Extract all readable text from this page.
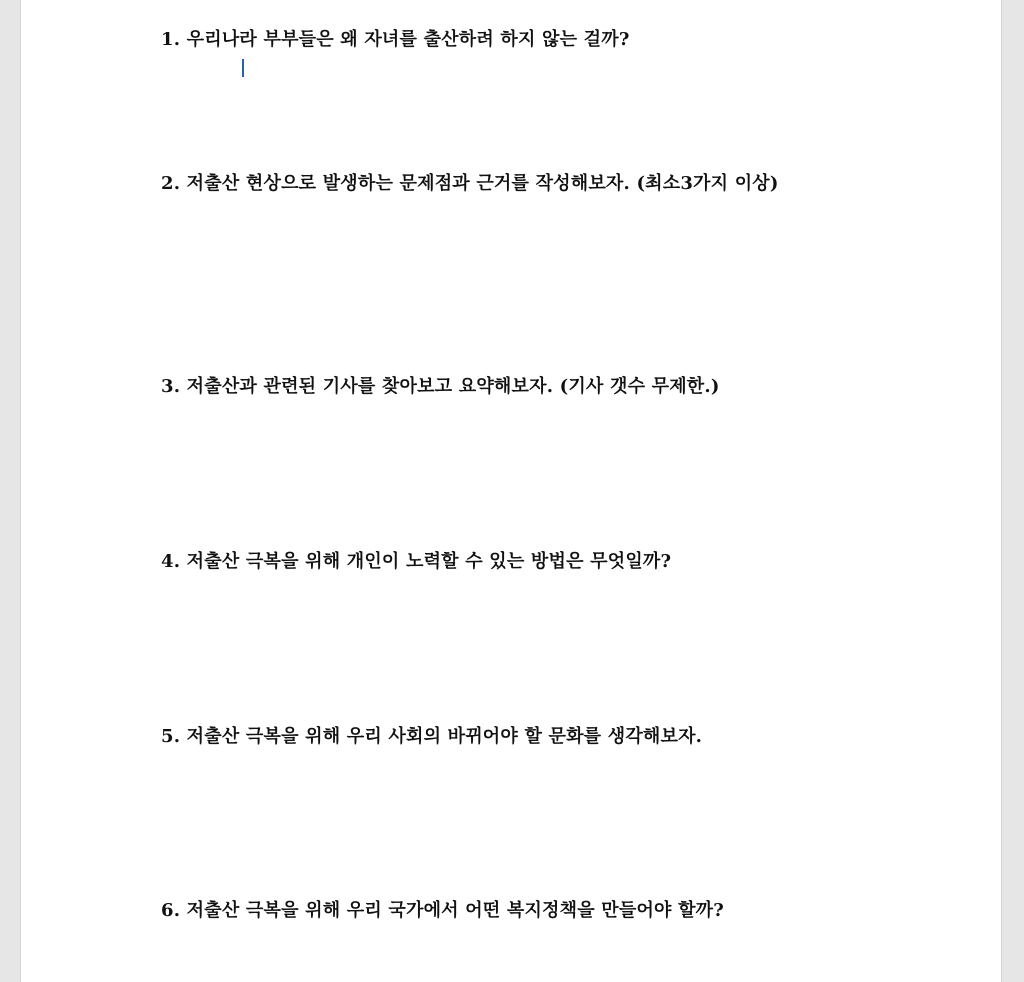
1. 우리나라 부부들은 왜 자녀를 출산하려 하지 않는 걸까?

2. 저출산 현상으로 발생하는 문제점과 근거를 작성해보자. (최소3가지 이상)

3. 저출산과 관련된 기사를 찾아보고 요약해보자. (기사 갯수 무제한.)

4. 저출산 극복을 위해 개인이 노력할 수 있는 방법은 무엇일까?

5. 저출산 극복을 위해 우리 사회의 바뀌어야 할 문화를 생각해보자.

6. 저출산 극복을 위해 우리 국가에서 어떤 복지정책을 만들어야 할까?
